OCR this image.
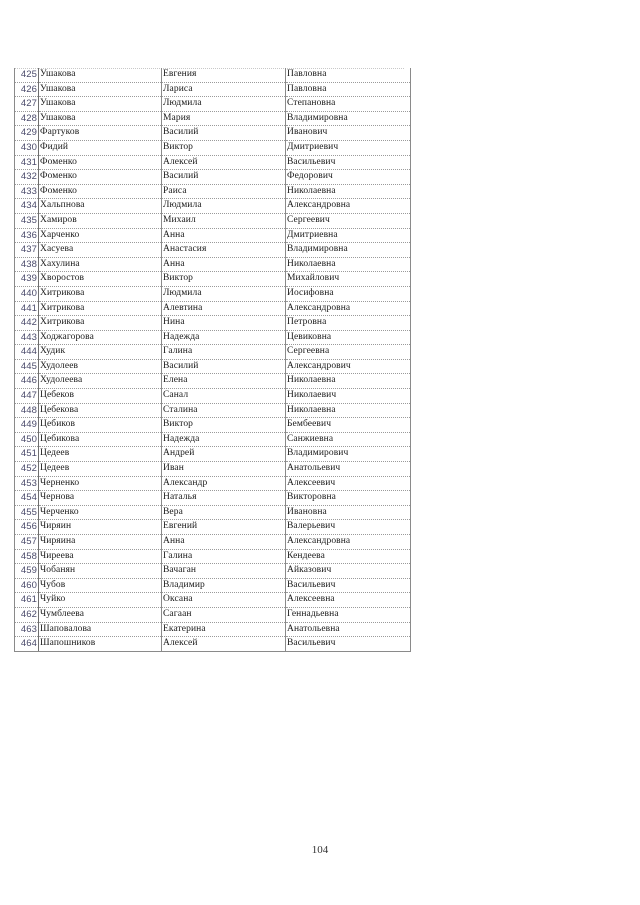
425	Ушакова	Евгения	Павловна
426	Ушакова	Лариса	Павловна
427	Ушакова	Людмила	Степановна
428	Ушакова	Мария	Владимировна
429	Фартуков	Василий	Иванович
430	Фидий	Виктор	Дмитриевич
431	Фоменко	Алексей	Васильевич
432	Фоменко	Василий	Федорович
433	Фоменко	Раиса	Николаевна
434	Хальпнова	Людмила	Александровна
435	Хамиров	Михаил	Сергеевич
436	Харченко	Анна	Дмитриевна
437	Хасуева	Анастасия	Владимировна
438	Хахулина	Анна	Николаевна
439	Хворостов	Виктор	Михайлович
440	Хитрикова	Людмила	Иосифовна
441	Хитрикова	Алевтина	Александровна
442	Хитрикова	Нина	Петровна
443	Ходжагорова	Надежда	Цевиковна
444	Худик	Галина	Сергеевна
445	Худолеев	Василий	Александрович
446	Худолеева	Елена	Николаевна
447	Цебеков	Санал	Николаевич
448	Цебекова	Сталина	Николаевна
449	Цебиков	Виктор	Бембеевич
450	Цебикова	Надежда	Санжиевна
451	Цедеев	Андрей	Владимирович
452	Цедеев	Иван	Анатольевич
453	Черненко	Александр	Алексеевич
454	Чернова	Наталья	Викторовна
455	Черченко	Вера	Ивановна
456	Чиряин	Евгений	Валерьевич
457	Чиряина	Анна	Александровна
458	Чиреева	Галина	Кендеева
459	Чобанян	Вачаган	Айказович
460	Чубов	Владимир	Васильевич
461	Чуйко	Оксана	Алексеевна
462	Чумблеева	Сагаан	Геннадьевна
463	Шаповалова	Екатерина	Анатольевна
464	Шапошников	Алексей	Васильевич
104
